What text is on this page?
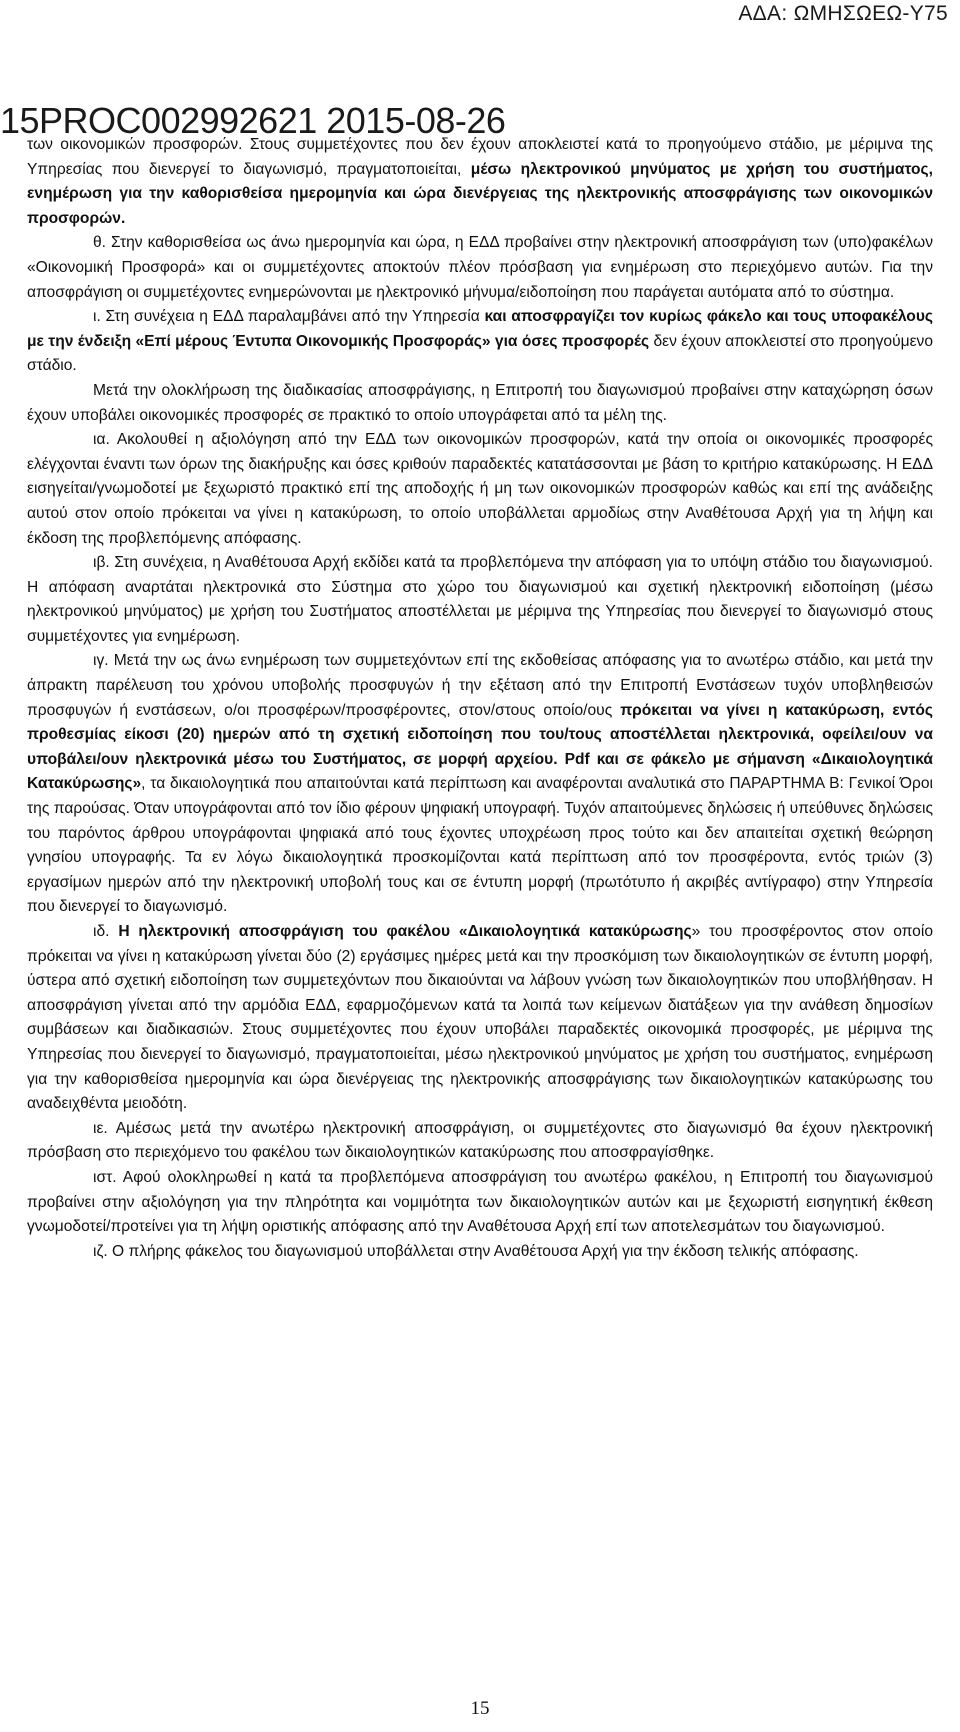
ΑΔΑ: ΩΜΗΣΩΕΩ-Υ75
15PROC002992621 2015-08-26

των οικονομικών προσφορών. Στους συμμετέχοντες που δεν έχουν αποκλειστεί κατά το προηγούμενο στάδιο, με μέριμνα της Υπηρεσίας που διενεργεί το διαγωνισμό, πραγματοποιείται, μέσω ηλεκτρονικού μηνύματος με χρήση του συστήματος, ενημέρωση για την καθορισθείσα ημερομηνία και ώρα διενέργειας της ηλεκτρονικής αποσφράγισης των οικονομικών προσφορών.

θ. Στην καθορισθείσα ως άνω ημερομηνία και ώρα, η ΕΔΔ προβαίνει στην ηλεκτρονική αποσφράγιση των (υπο)φακέλων «Οικονομική Προσφορά» και οι συμμετέχοντες αποκτούν πλέον πρόσβαση για ενημέρωση στο περιεχόμενο αυτών. Για την αποσφράγιση οι συμμετέχοντες ενημερώνονται με ηλεκτρονικό μήνυμα/ειδοποίηση που παράγεται αυτόματα από το σύστημα.

ι. Στη συνέχεια η ΕΔΔ παραλαμβάνει από την Υπηρεσία και αποσφραγίζει τον κυρίως φάκελο και τους υποφακέλους με την ένδειξη «Επί μέρους Έντυπα Οικονομικής Προσφοράς» για όσες προσφορές δεν έχουν αποκλειστεί στο προηγούμενο στάδιο.

Μετά την ολοκλήρωση της διαδικασίας αποσφράγισης, η Επιτροπή του διαγωνισμού προβαίνει στην καταχώρηση όσων έχουν υποβάλει οικονομικές προσφορές σε πρακτικό το οποίο υπογράφεται από τα μέλη της.

ια. Ακολουθεί η αξιολόγηση από την ΕΔΔ των οικονομικών προσφορών, κατά την οποία οι οικονομικές προσφορές ελέγχονται έναντι των όρων της διακήρυξης και όσες κριθούν παραδεκτές κατατάσσονται με βάση το κριτήριο κατακύρωσης. Η ΕΔΔ εισηγείται/γνωμοδοτεί με ξεχωριστό πρακτικό επί της αποδοχής ή μη των οικονομικών προσφορών καθώς και επί της ανάδειξης αυτού στον οποίο πρόκειται να γίνει η κατακύρωση, το οποίο υποβάλλεται αρμοδίως στην Αναθέτουσα Αρχή για τη λήψη και έκδοση της προβλεπόμενης απόφασης.

ιβ. Στη συνέχεια, η Αναθέτουσα Αρχή εκδίδει κατά τα προβλεπόμενα την απόφαση για το υπόψη στάδιο του διαγωνισμού. Η απόφαση αναρτάται ηλεκτρονικά στο Σύστημα στο χώρο του διαγωνισμού και σχετική ηλεκτρονική ειδοποίηση (μέσω ηλεκτρονικού μηνύματος) με χρήση του Συστήματος αποστέλλεται με μέριμνα της Υπηρεσίας που διενεργεί το διαγωνισμό στους συμμετέχοντες για ενημέρωση.

ιγ. Μετά την ως άνω ενημέρωση των συμμετεχόντων επί της εκδοθείσας απόφασης για το ανωτέρω στάδιο, και μετά την άπρακτη παρέλευση του χρόνου υποβολής προσφυγών ή την εξέταση από την Επιτροπή Ενστάσεων τυχόν υποβληθεισών προσφυγών ή ενστάσεων, ο/οι προσφέρων/προσφέροντες, στον/στους οποίο/ους πρόκειται να γίνει η κατακύρωση, εντός προθεσμίας είκοσι (20) ημερών από τη σχετική ειδοποίηση που του/τους αποστέλλεται ηλεκτρονικά, οφείλει/ουν να υποβάλει/ουν ηλεκτρονικά μέσω του Συστήματος, σε μορφή αρχείου. Pdf και σε φάκελο με σήμανση «Δικαιολογητικά Κατακύρωσης», τα δικαιολογητικά που απαιτούνται κατά περίπτωση και αναφέρονται αναλυτικά στο ΠΑΡΑΡΤΗΜΑ Β: Γενικοί Όροι της παρούσας. Όταν υπογράφονται από τον ίδιο φέρουν ψηφιακή υπογραφή. Τυχόν απαιτούμενες δηλώσεις ή υπεύθυνες δηλώσεις του παρόντος άρθρου υπογράφονται ψηφιακά από τους έχοντες υποχρέωση προς τούτο και δεν απαιτείται σχετική θεώρηση γνησίου υπογραφής. Τα εν λόγω δικαιολογητικά προσκομίζονται κατά περίπτωση από τον προσφέροντα, εντός τριών (3) εργασίμων ημερών από την ηλεκτρονική υποβολή τους και σε έντυπη μορφή (πρωτότυπο ή ακριβές αντίγραφο) στην Υπηρεσία που διενεργεί το διαγωνισμό.

ιδ. Η ηλεκτρονική αποσφράγιση του φακέλου «Δικαιολογητικά κατακύρωσης» του προσφέροντος στον οποίο πρόκειται να γίνει η κατακύρωση γίνεται δύο (2) εργάσιμες ημέρες μετά και την προσκόμιση των δικαιολογητικών σε έντυπη μορφή, ύστερα από σχετική ειδοποίηση των συμμετεχόντων που δικαιούνται να λάβουν γνώση των δικαιολογητικών που υποβλήθησαν. Η αποσφράγιση γίνεται από την αρμόδια ΕΔΔ, εφαρμοζόμενων κατά τα λοιπά των κείμενων διατάξεων για την ανάθεση δημοσίων συμβάσεων και διαδικασιών. Στους συμμετέχοντες που έχουν υποβάλει παραδεκτές οικονομικά προσφορές, με μέριμνα της Υπηρεσίας που διενεργεί το διαγωνισμό, πραγματοποιείται, μέσω ηλεκτρονικού μηνύματος με χρήση του συστήματος, ενημέρωση για την καθορισθείσα ημερομηνία και ώρα διενέργειας της ηλεκτρονικής αποσφράγισης των δικαιολογητικών κατακύρωσης του αναδειχθέντα μειοδότη.

ιε. Αμέσως μετά την ανωτέρω ηλεκτρονική αποσφράγιση, οι συμμετέχοντες στο διαγωνισμό θα έχουν ηλεκτρονική πρόσβαση στο περιεχόμενο του φακέλου των δικαιολογητικών κατακύρωσης που αποσφραγίσθηκε.

ιστ. Αφού ολοκληρωθεί η κατά τα προβλεπόμενα αποσφράγιση του ανωτέρω φακέλου, η Επιτροπή του διαγωνισμού προβαίνει στην αξιολόγηση για την πληρότητα και νομιμότητα των δικαιολογητικών αυτών και με ξεχωριστή εισηγητική έκθεση γνωμοδοτεί/προτείνει για τη λήψη οριστικής απόφασης από την Αναθέτουσα Αρχή επί των αποτελεσμάτων του διαγωνισμού.

ιζ. Ο πλήρης φάκελος του διαγωνισμού υποβάλλεται στην Αναθέτουσα Αρχή για την έκδοση τελικής απόφασης.

15
